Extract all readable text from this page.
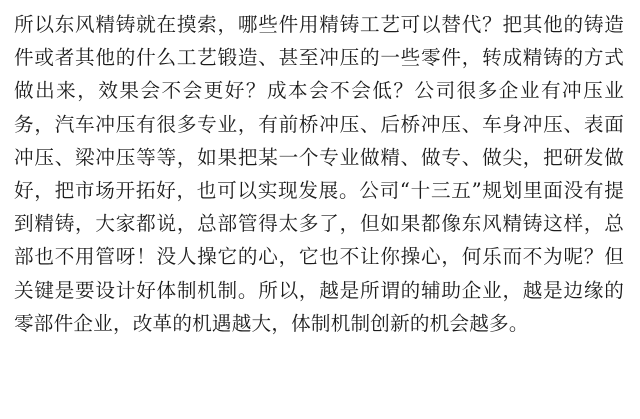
所以东风精铸就在摸索，哪些件用精铸工艺可以替代？把其他的铸造件或者其他的什么工艺锻造、甚至冲压的一些零件，转成精铸的方式做出来，效果会不会更好？成本会不会低？公司很多企业有冲压业务，汽车冲压有很多专业，有前桥冲压、后桥冲压、车身冲压、表面冲压、梁冲压等等，如果把某一个专业做精、做专、做尖，把研发做好，把市场开拓好，也可以实现发展。公司“十三五”规划里面没有提到精铸，大家都说，总部管得太多了，但如果都像东风精铸这样，总部也不用管呀！没人操它的心，它也不让你操心，何乐而不为呢？但关键是要设计好体制机制。所以，越是所谓的辅助企业，越是边缘的零部件企业，改革的机遇越大，体制机制创新的机会越多。
